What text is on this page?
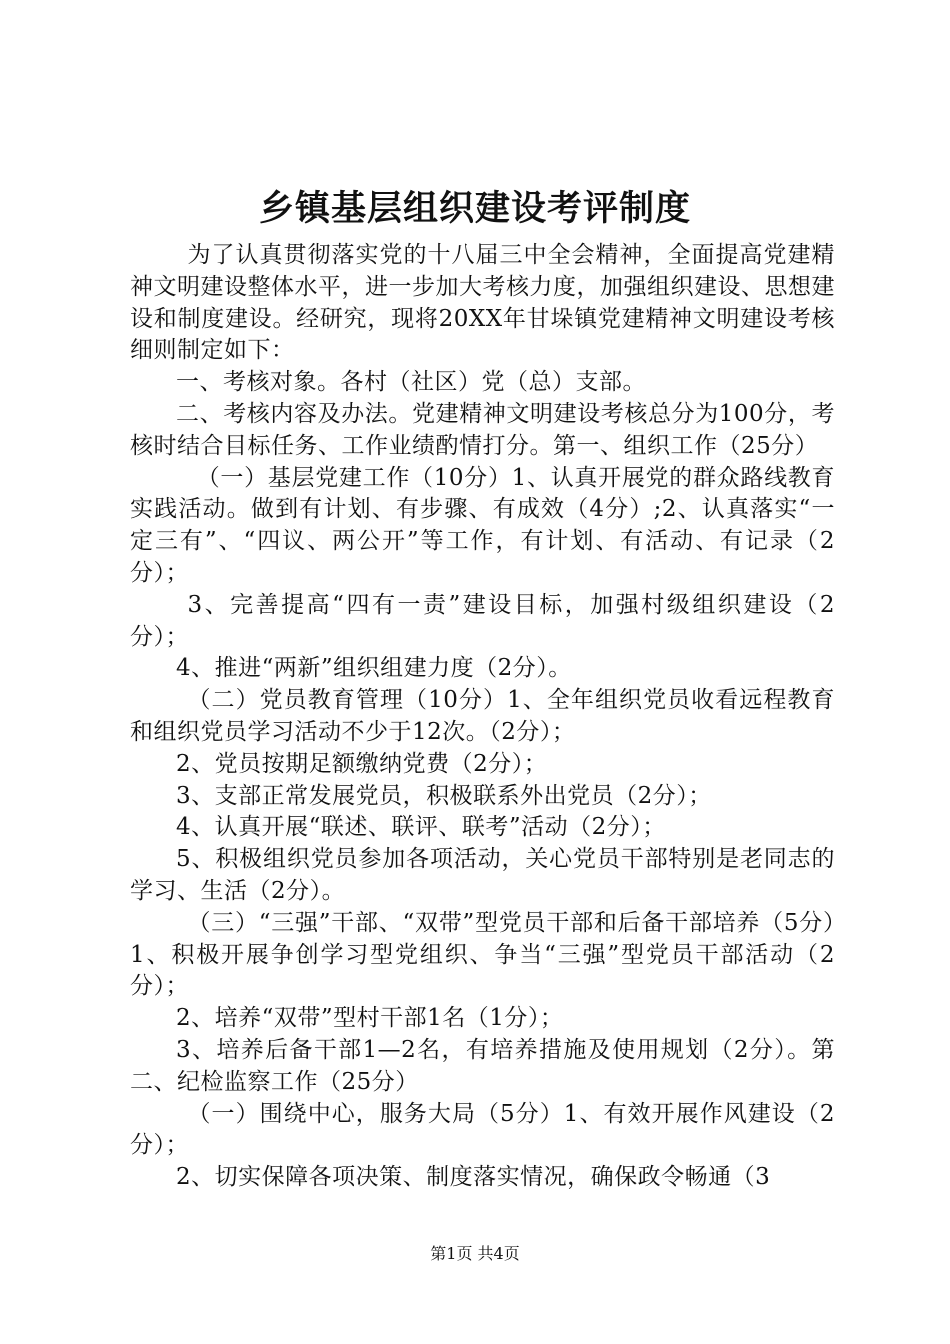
乡镇基层组织建设考评制度

为了认真贯彻落实党的十八届三中全会精神，全面提高党建精神文明建设整体水平，进一步加大考核力度，加强组织建设、思想建设和制度建设。经研究，现将20XX年甘垛镇党建精神文明建设考核细则制定如下：

一、考核对象。各村（社区）党（总）支部。

二、考核内容及办法。党建精神文明建设考核总分为100分，考核时结合目标任务、工作业绩酌情打分。第一、组织工作（25分）

（一）基层党建工作（10分）1、认真开展党的群众路线教育实践活动。做到有计划、有步骤、有成效（4分）;2、认真落实“一定三有”、“四议、两公开”等工作，有计划、有活动、有记录（2分）；

3、完善提高“四有一责”建设目标，加强村级组织建设（2分）；

4、推进“两新”组织组建力度（2分）。

（二）党员教育管理（10分）1、全年组织党员收看远程教育和组织党员学习活动不少于12次。（2分）；

2、党员按期足额缴纳党费（2分）；

3、支部正常发展党员，积极联系外出党员（2分）；

4、认真开展“联述、联评、联考”活动（2分）；

5、积极组织党员参加各项活动，关心党员干部特别是老同志的学习、生活（2分）。

（三）“三强”干部、“双带”型党员干部和后备干部培养（5分）1、积极开展争创学习型党组织、争当“三强”型党员干部活动（2分）；

2、培养“双带”型村干部1名（1分）；

3、培养后备干部1—2名，有培养措施及使用规划（2分）。第二、纪检监察工作（25分）

（一）围绕中心，服务大局（5分）1、有效开展作风建设（2分）；

2、切实保障各项决策、制度落实情况，确保政令畅通（3

第1页 共4页
